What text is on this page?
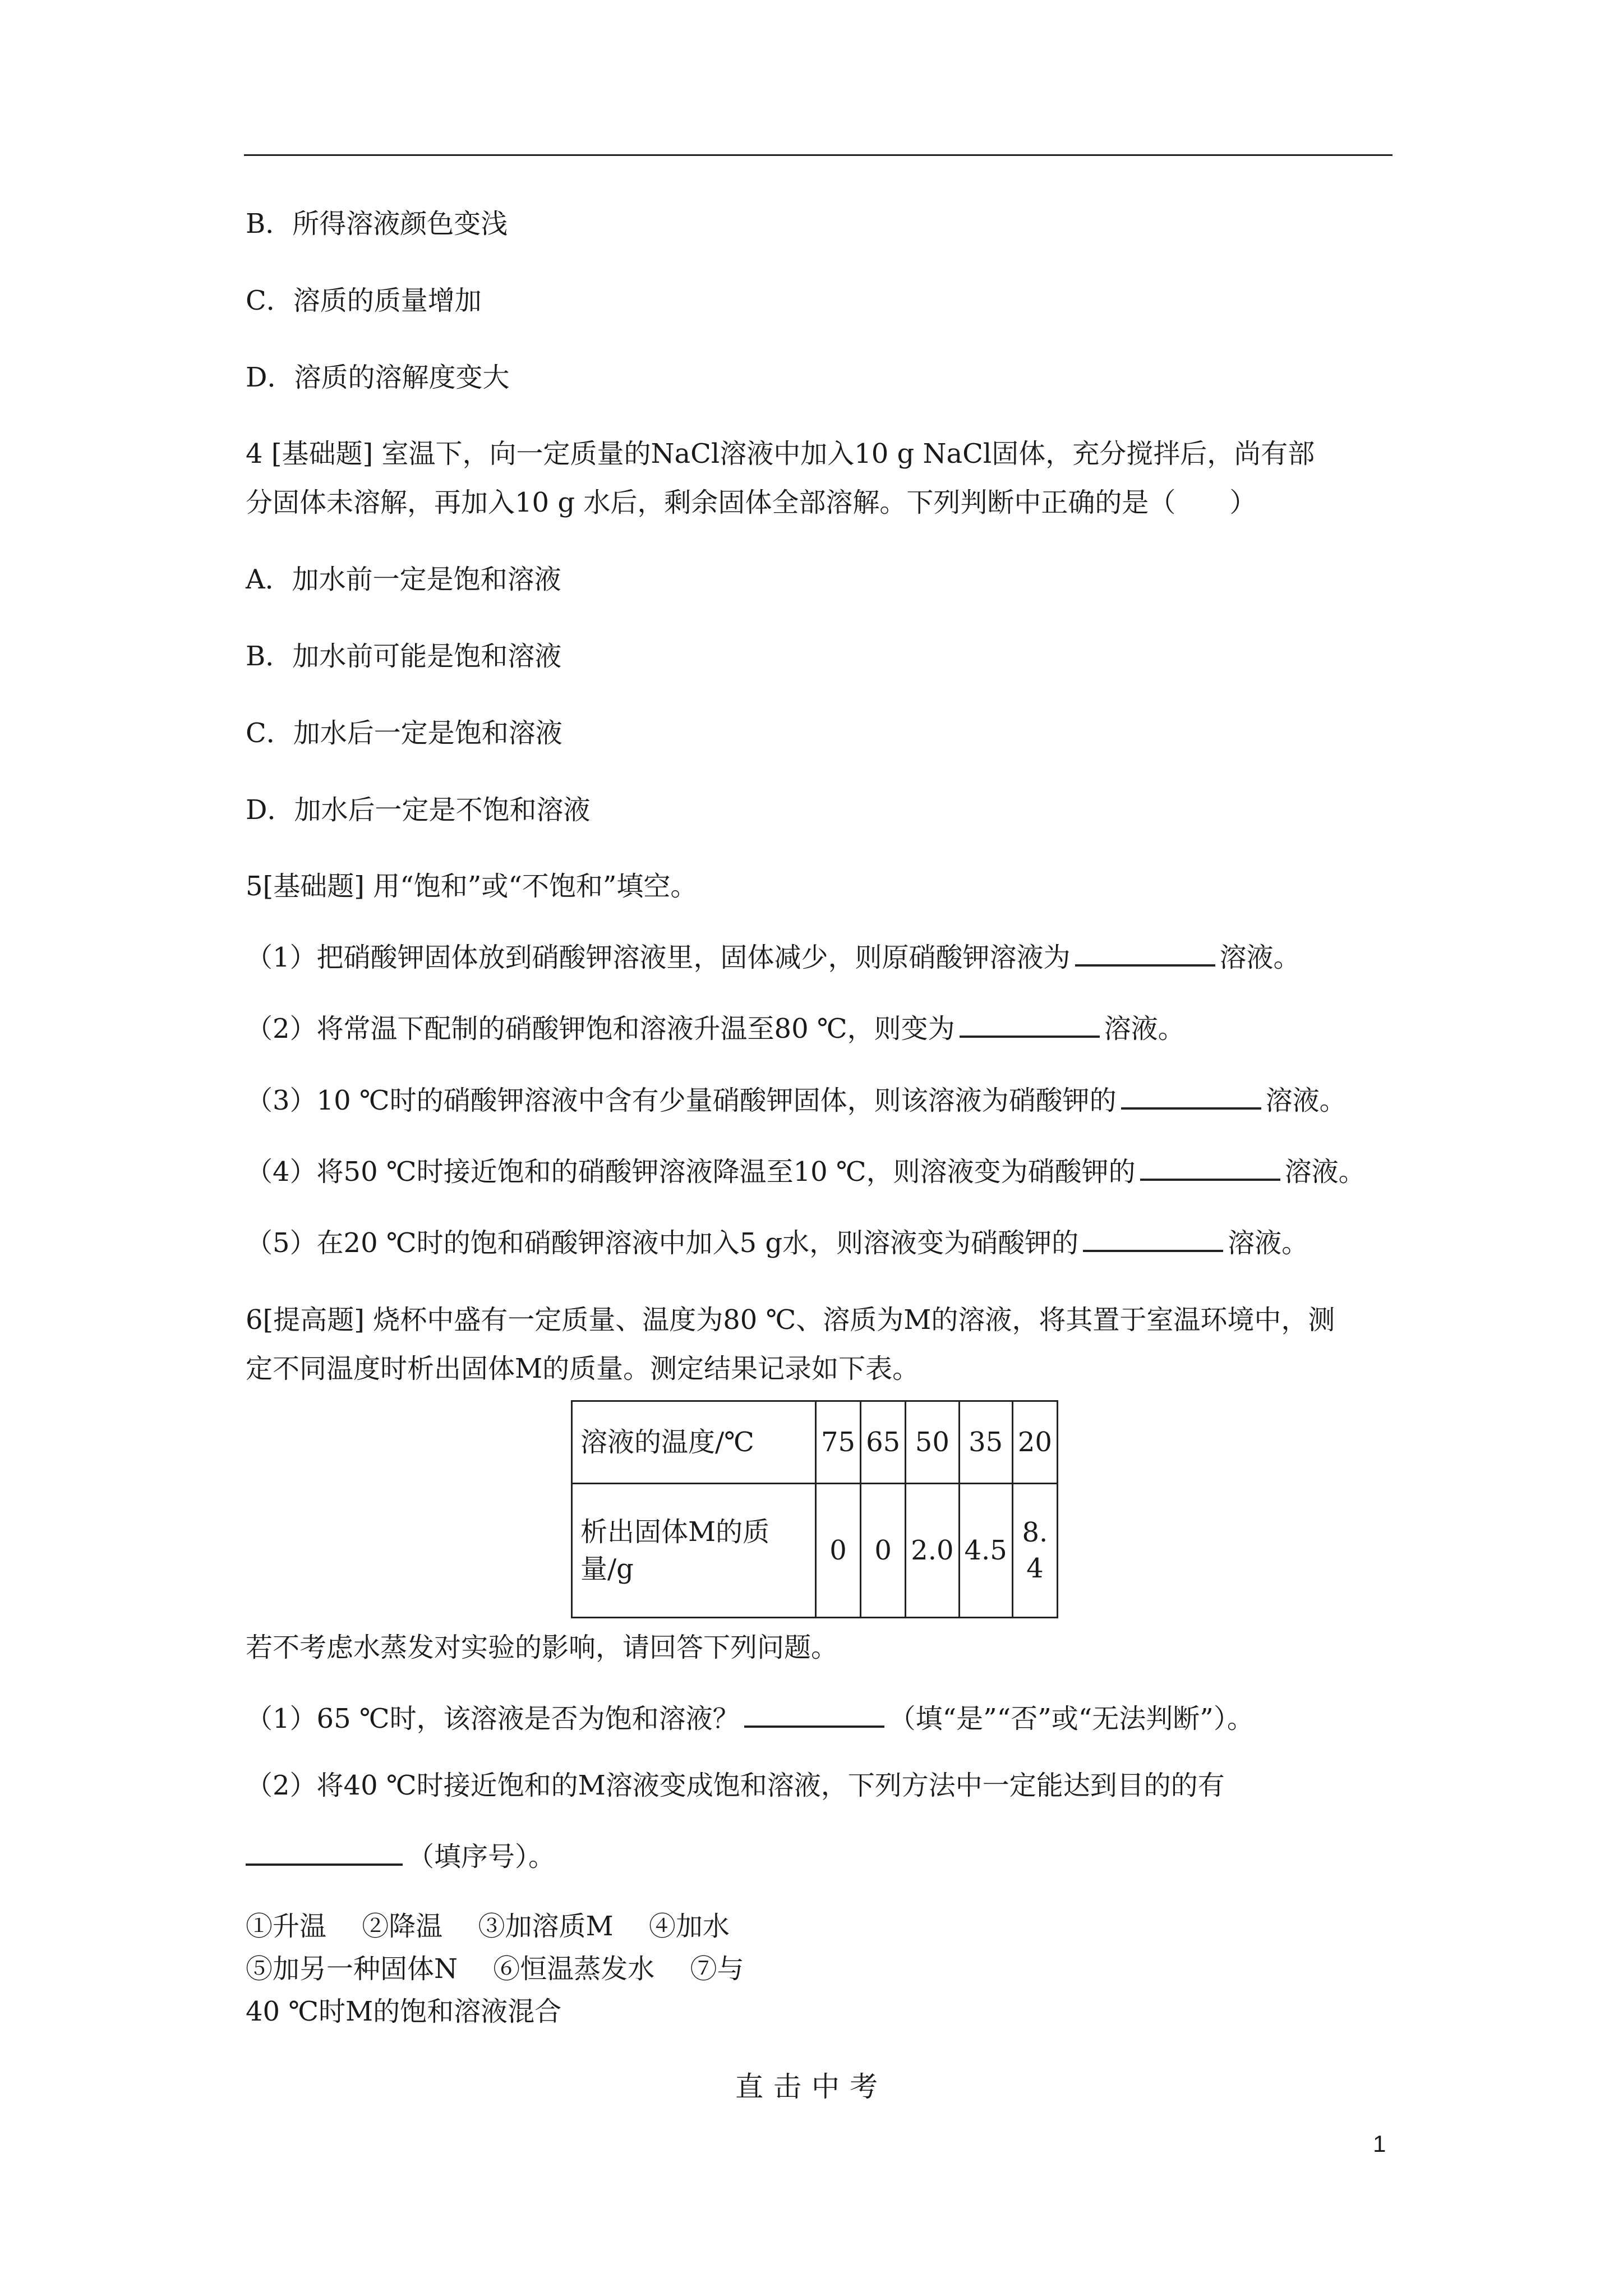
B．所得溶液颜色变浅
C．溶质的质量增加
D．溶质的溶解度变大
4 [基础题] 室温下，向一定质量的NaCl溶液中加入10 g NaCl固体，充分搅拌后，尚有部
分固体未溶解，再加入10 g 水后，剩余固体全部溶解。下列判断中正确的是（　　）
A．加水前一定是饱和溶液
B．加水前可能是饱和溶液
C．加水后一定是饱和溶液
D．加水后一定是不饱和溶液
5[基础题] 用“饱和”或“不饱和”填空。
（1）把硝酸钾固体放到硝酸钾溶液里，固体减少，则原硝酸钾溶液为	溶液。
（2）将常温下配制的硝酸钾饱和溶液升温至80 ℃，则变为	溶液。
（3）10 ℃时的硝酸钾溶液中含有少量硝酸钾固体，则该溶液为硝酸钾的	溶液。
（4）将50 ℃时接近饱和的硝酸钾溶液降温至10 ℃，则溶液变为硝酸钾的	溶液。
（5）在20 ℃时的饱和硝酸钾溶液中加入5 g水，则溶液变为硝酸钾的	溶液。
6[提高题] 烧杯中盛有一定质量、温度为80 ℃、溶质为M的溶液，将其置于室温环境中，测
定不同温度时析出固体M的质量。测定结果记录如下表。
溶液的温度/℃	75	65	50	35	20
析出固体M的质量/g	0	0	2.0	4.5	8.4
若不考虑水蒸发对实验的影响，请回答下列问题。
（1）65 ℃时，该溶液是否为饱和溶液？	（填“是”“否”或“无法判断”）。
（2）将40 ℃时接近饱和的M溶液变成饱和溶液，下列方法中一定能达到目的的有
（填序号）。
①升温　 ②降温　 ③加溶质M　 ④加水
⑤加另一种固体N　 ⑥恒温蒸发水　 ⑦与
40 ℃时M的饱和溶液混合
直击中考
1
